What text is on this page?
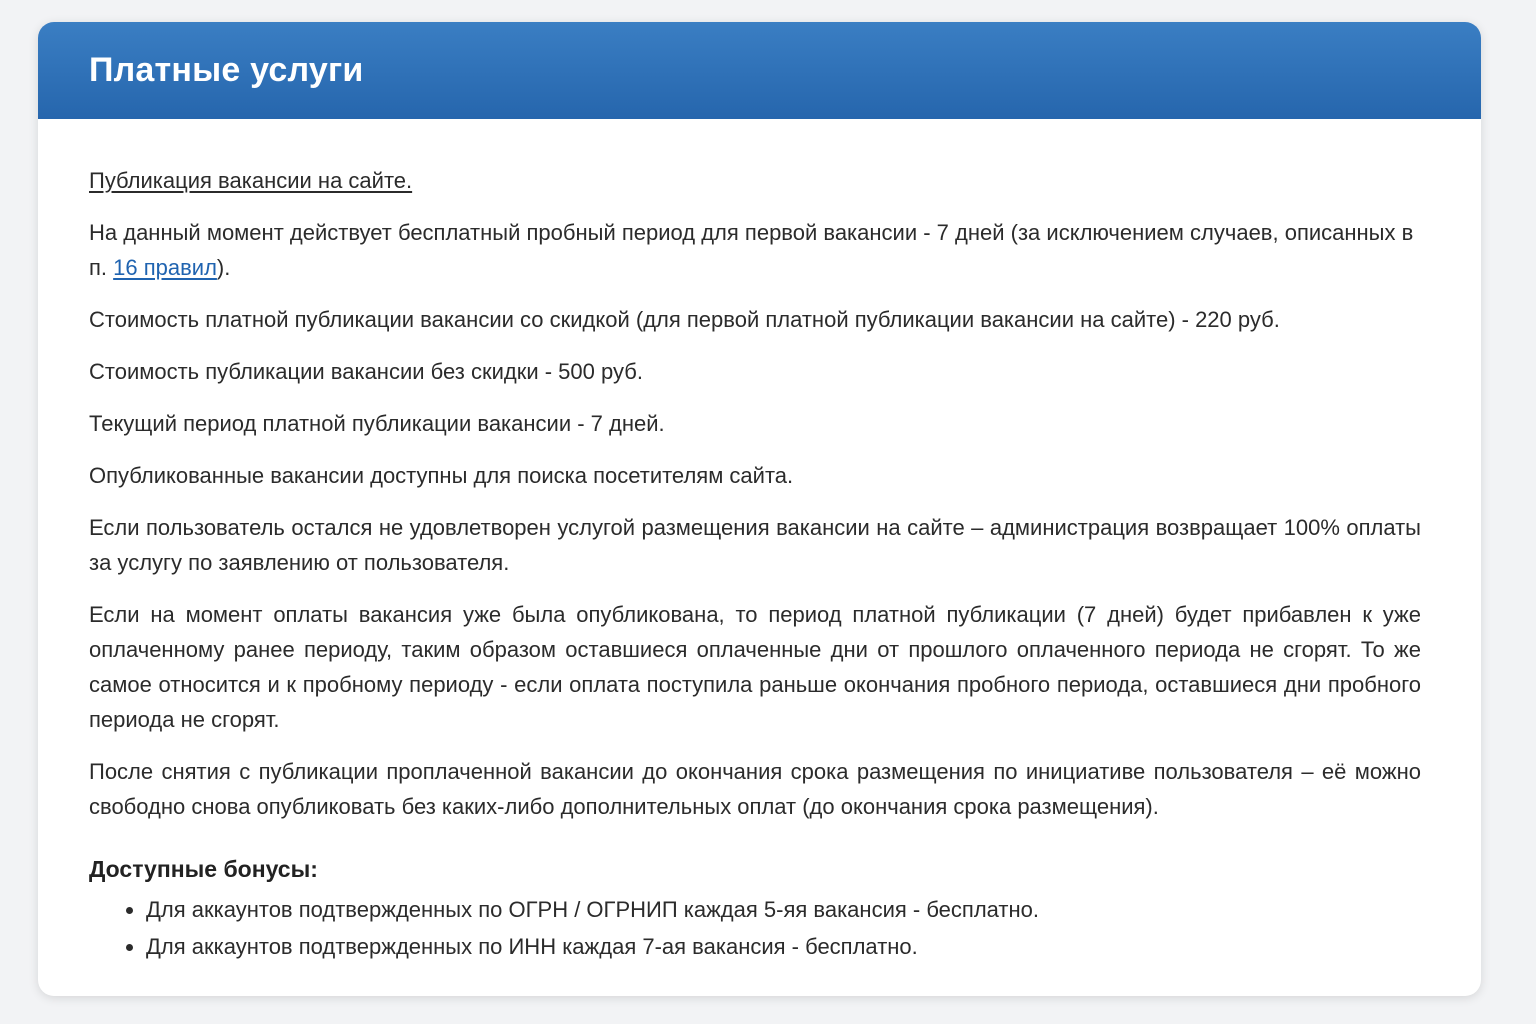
Платные услуги

Публикация вакансии на сайте.

На данный момент действует бесплатный пробный период для первой вакансии - 7 дней (за исключением случаев, описанных в п. 16 правил).

Стоимость платной публикации вакансии со скидкой (для первой платной публикации вакансии на сайте) - 220 руб.

Стоимость публикации вакансии без скидки - 500 руб.

Текущий период платной публикации вакансии - 7 дней.

Опубликованные вакансии доступны для поиска посетителям сайта.

Если пользователь остался не удовлетворен услугой размещения вакансии на сайте – администрация возвращает 100% оплаты за услугу по заявлению от пользователя.

Если на момент оплаты вакансия уже была опубликована, то период платной публикации (7 дней) будет прибавлен к уже оплаченному ранее периоду, таким образом оставшиеся оплаченные дни от прошлого оплаченного периода не сгорят. То же самое относится и к пробному периоду - если оплата поступила раньше окончания пробного периода, оставшиеся дни пробного периода не сгорят.

После снятия с публикации проплаченной вакансии до окончания срока размещения по инициативе пользователя – её можно свободно снова опубликовать без каких-либо дополнительных оплат (до окончания срока размещения).

Доступные бонусы:
• Для аккаунтов подтвержденных по ОГРН / ОГРНИП каждая 5-яя вакансия - бесплатно.
• Для аккаунтов подтвержденных по ИНН каждая 7-ая вакансия - бесплатно.
